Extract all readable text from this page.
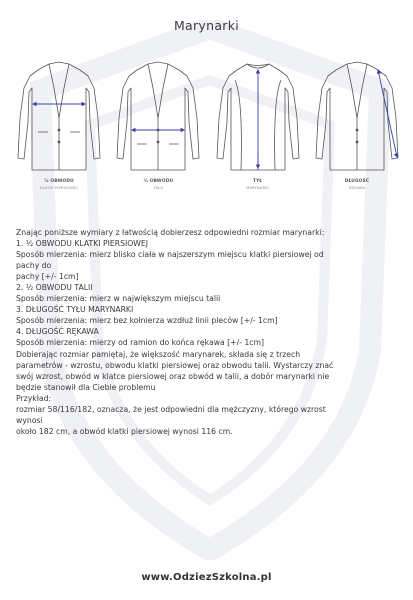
Marynarki
½ OBWODU
KLATKI PIERSIOWEJ
½ OBWODU
TALII
TYŁ
MARYNARKI
DŁUGOŚĆ
RĘKAWA

Znając poniższe wymiary z łatwością dobierzesz odpowiedni rozmiar marynarki:

1. ½ OBWODU KLATKI PIERSIOWEJ

Sposób mierzenia: mierz blisko ciała w najszerszym miejscu klatki piersiowej od

pachy do

pachy [+/- 1cm]

2. ½ OBWODU TALII

Sposób mierzenia: mierz w największym miejscu talii

3. DŁUGOŚĆ TYŁU MARYNARKI

Sposób mierzenia: mierz bez kołnierza wzdłuż linii pleców [+/- 1cm]

4. DŁUGOŚĆ RĘKAWA

Sposób mierzenia: mierzy od ramion do końca rękawa [+/- 1cm]

Dobierając rozmiar pamiętaj, że większość marynarek, składa się z trzech

parametrów - wzrostu, obwodu klatki piersiowej oraz obwodu talii. Wystarczy znać

swój wzrost, obwód w klatce piersiowej oraz obwód w talii, a dobór marynarki nie

będzie stanowił dla Ciebie problemu

Przykład:

rozmiar 58/116/182, oznacza, że jest odpowiedni dla mężczyzny, którego wzrost

wynosi

około 182 cm, a obwód klatki piersiowej wynosi 116 cm.

www.OdziezSzkolna.pl
